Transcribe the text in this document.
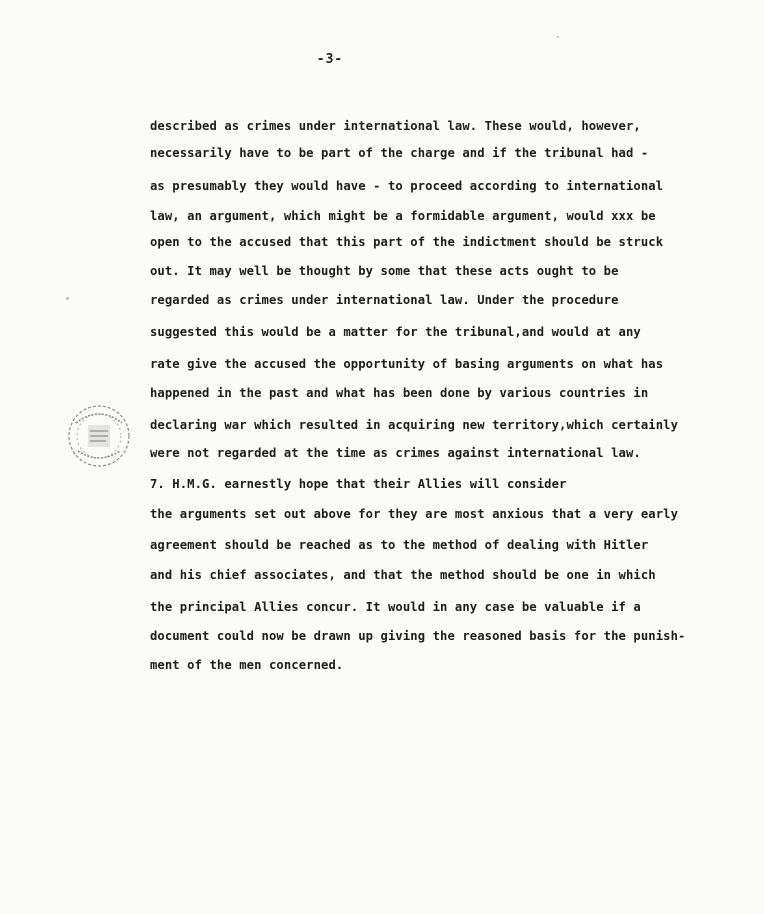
-3-
described as crimes under international law. These would, however,
necessarily have to be part of the charge and if the tribunal had -
as presumably they would have - to proceed according to international
law, an argument, which might be a formidable argument, would xxx be
open to the accused that this part of the indictment should be struck
out. It may well be thought by some that these acts ought to be
regarded as crimes under international law. Under the procedure
suggested this would be a matter for the tribunal,and would at any
rate give the accused the opportunity of basing arguments on what has
happened in the past and what has been done by various countries in
declaring war which resulted in acquiring new territory,which certainly
were not regarded at the time as crimes against international law.
7. H.M.G. earnestly hope that their Allies will consider
the arguments set out above for they are most anxious that a very early
agreement should be reached as to the method of dealing with Hitler
and his chief associates, and that the method should be one in which
the principal Allies concur. It would in any case be valuable if a
document could now be drawn up giving the reasoned basis for the punish-
ment of the men concerned.
